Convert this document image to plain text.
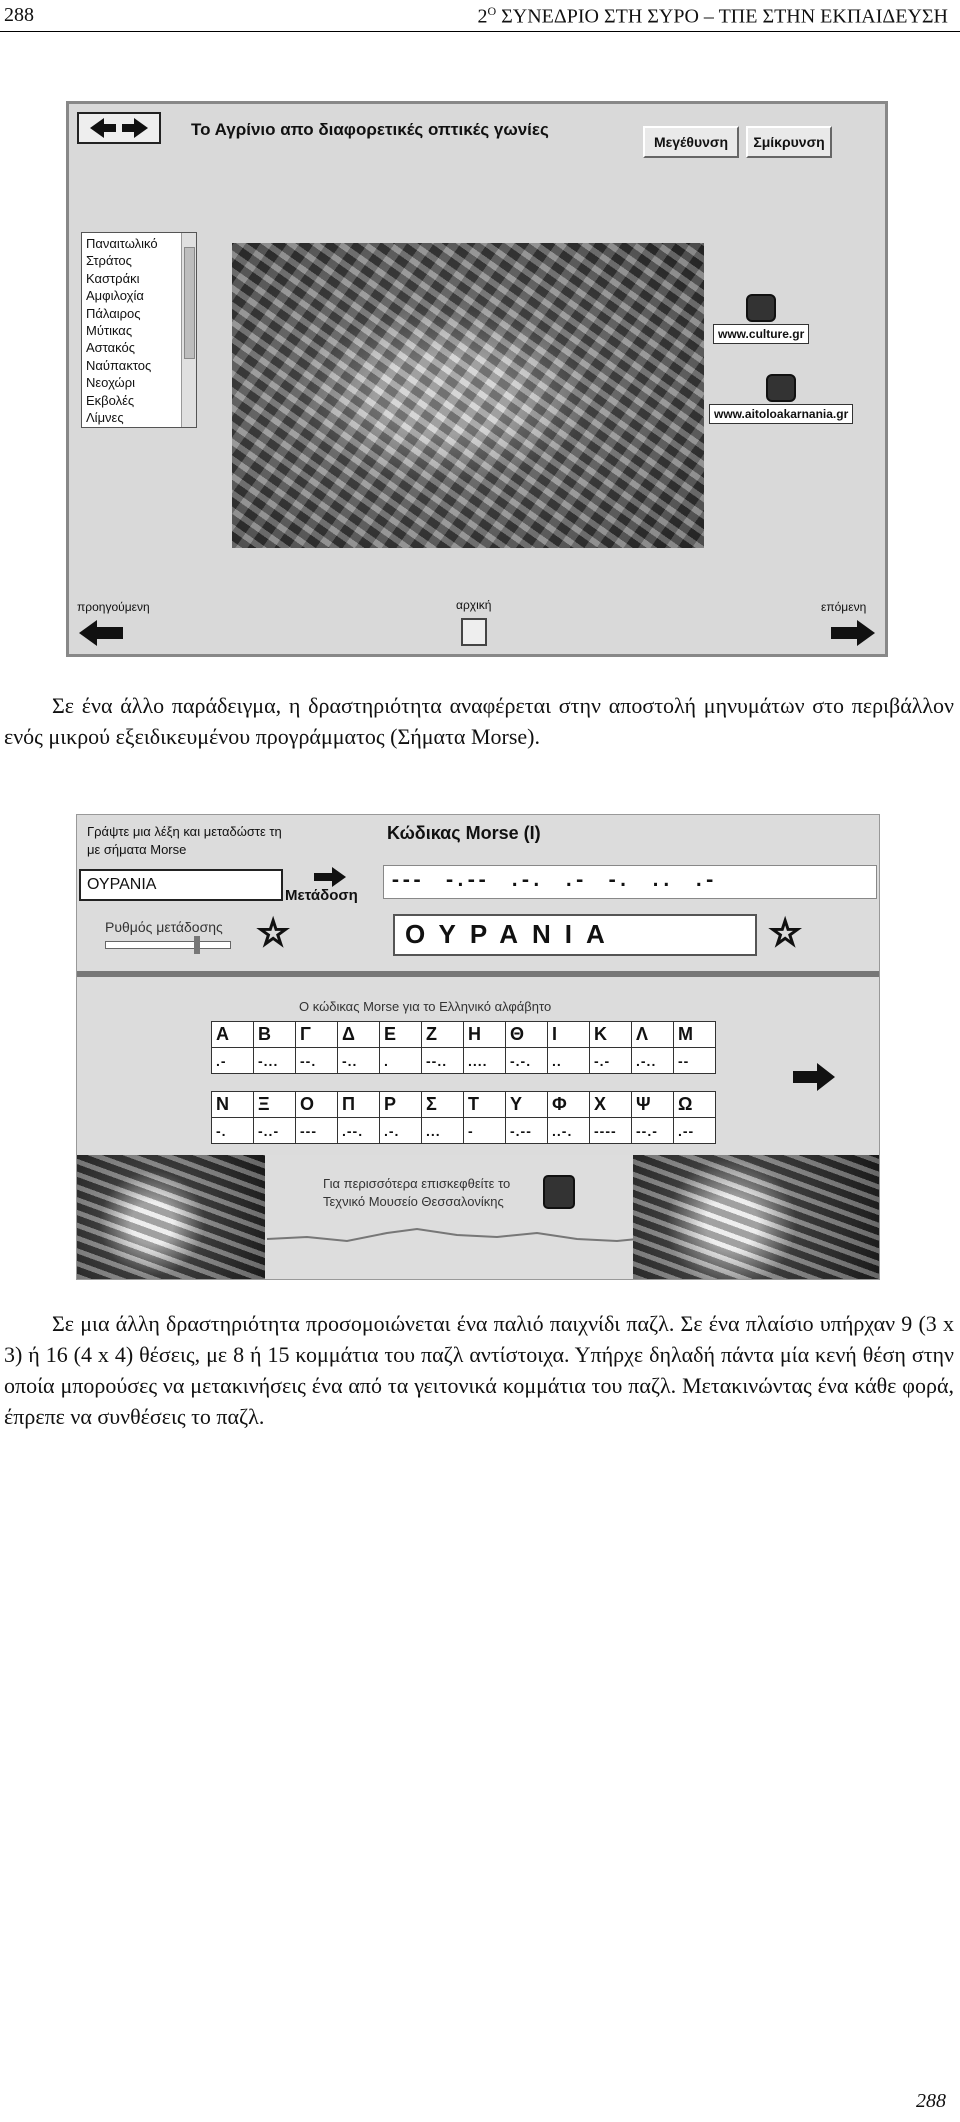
288	$2^O$ ΣΥΝΕΔΡΙΟ ΣΤΗ ΣΥΡΟ – ΤΠΕ ΣΤΗΝ ΕΚΠΑΙΔΕΥΣΗ
Το Αγρίνιο απο διαφορετικές οπτικές γωνίες
Μεγέθυνση	Σμίκρυνση
Παναιτωλικό
Στράτος
Καστράκι
Αμφιλοχία
Πάλαιρος
Μύτικας
Αστακός
Ναύπακτος
Νεοχώρι
Εκβολές
Λίμνες
www.culture.gr
www.aitoloakarnania.gr
προηγούμενη	αρχική	επόμενη

Σε ένα άλλο παράδειγμα, η δραστηριότητα αναφέρεται στην αποστολή μηνυμάτων στο περιβάλλον ενός μικρού εξειδικευμένου προγράμματος (Σήματα Morse).

Γράψτε μια λέξη και μεταδώστε τη
με σήματα Morse
Κώδικας Morse (I)
ΟΥΡΑΝΙΑ
Μετάδοση
---  -.--  .-.  .-  -.  ..  .-
Ρυθμός μετάδοσης ☆	ΟΥΡΑΝΙΑ	☆
Ο κώδικας Morse για το Ελληνικό αλφάβητο
Α	Β	Γ	Δ	Ε	Ζ	Η	Θ	Ι	Κ	Λ	Μ
.-	-...	--.	-..	.	--..	....	-.-.	..	-.-	.-..	--
Ν	Ξ	Ο	Π	Ρ	Σ	Τ	Υ	Φ	Χ	Ψ	Ω
-.	-..-	---	.--.	.-.	...	-	-.--	..-.	----	--.-	.--
Για περισσότερα επισκεφθείτε το
Τεχνικό Μουσείο Θεσσαλονίκης

Σε μια άλλη δραστηριότητα προσομοιώνεται ένα παλιό παιχνίδι παζλ. Σε ένα πλαίσιο υπήρχαν 9 (3 x 3) ή 16 (4 x 4) θέσεις, με 8 ή 15 κομμάτια του παζλ αντίστοιχα. Υπήρχε δηλαδή πάντα μία κενή θέση στην οποία μπορούσες να μετακινήσεις ένα από τα γειτονικά κομμάτια του παζλ. Μετακινώντας ένα κάθε φορά, έπρεπε να συνθέσεις το παζλ.

288
